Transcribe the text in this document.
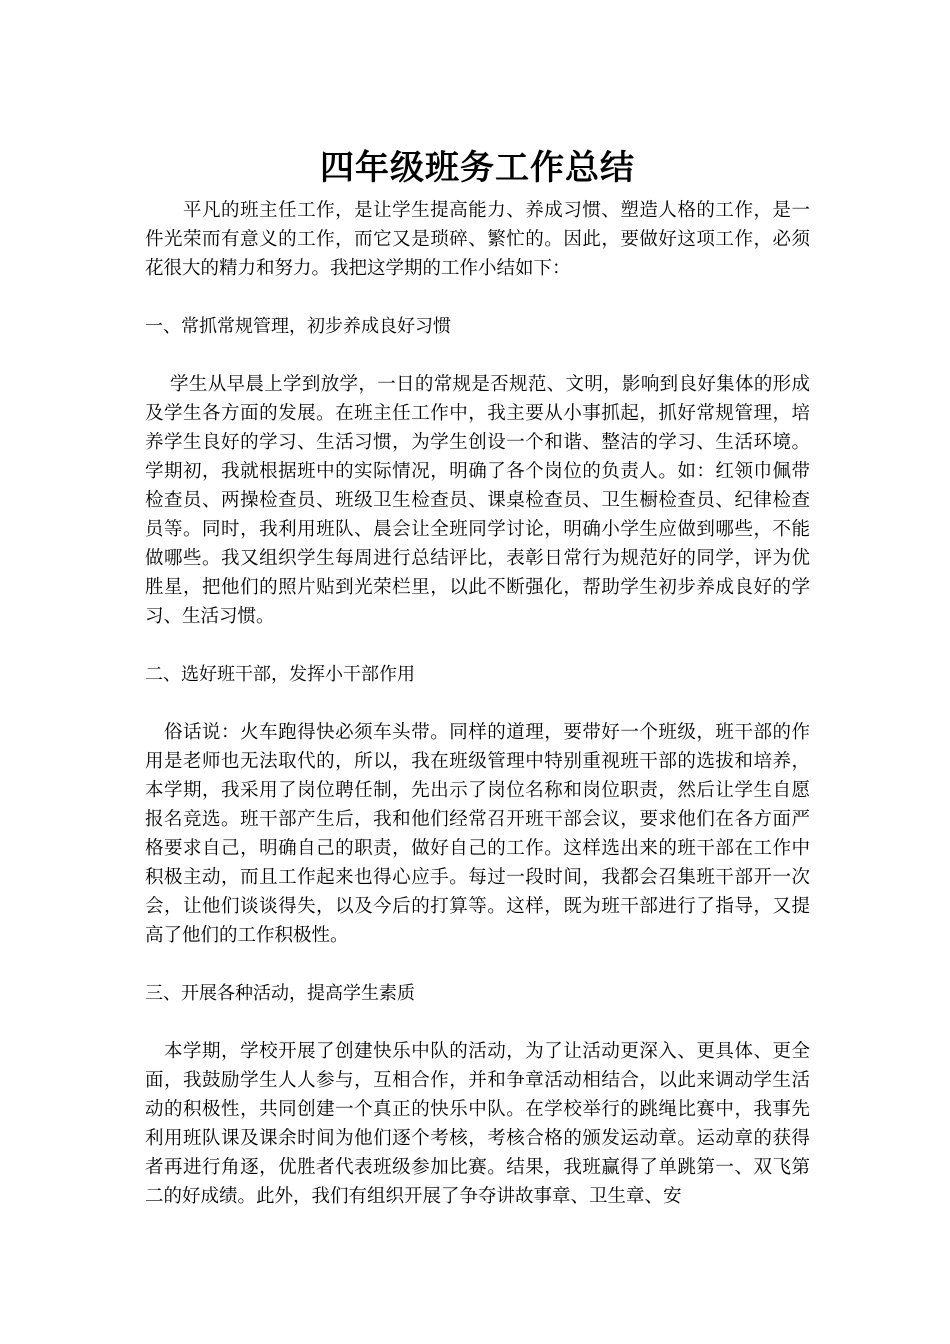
四年级班务工作总结

　　平凡的班主任工作，是让学生提高能力、养成习惯、塑造人格的工作，是一件光荣而有意义的工作，而它又是琐碎、繁忙的。因此，要做好这项工作，必须花很大的精力和努力。我把这学期的工作小结如下：

一、常抓常规管理，初步养成良好习惯

　 学生从早晨上学到放学，一日的常规是否规范、文明，影响到良好集体的形成及学生各方面的发展。在班主任工作中，我主要从小事抓起，抓好常规管理，培养学生良好的学习、生活习惯，为学生创设一个和谐、整洁的学习、生活环境。学期初，我就根据班中的实际情况，明确了各个岗位的负责人。如：红领巾佩带检查员、两操检查员、班级卫生检查员、课桌检查员、卫生橱检查员、纪律检查员等。同时，我利用班队、晨会让全班同学讨论，明确小学生应做到哪些，不能做哪些。我又组织学生每周进行总结评比，表彰日常行为规范好的同学，评为优胜星，把他们的照片贴到光荣栏里，以此不断强化，帮助学生初步养成良好的学习、生活习惯。

二、选好班干部，发挥小干部作用

　俗话说：火车跑得快必须车头带。同样的道理，要带好一个班级，班干部的作用是老师也无法取代的，所以，我在班级管理中特别重视班干部的选拔和培养，本学期，我采用了岗位聘任制，先出示了岗位名称和岗位职责，然后让学生自愿报名竞选。班干部产生后，我和他们经常召开班干部会议，要求他们在各方面严格要求自己，明确自己的职责，做好自己的工作。这样选出来的班干部在工作中积极主动，而且工作起来也得心应手。每过一段时间，我都会召集班干部开一次会，让他们谈谈得失，以及今后的打算等。这样，既为班干部进行了指导，又提高了他们的工作积极性。

三、开展各种活动，提高学生素质

　本学期，学校开展了创建快乐中队的活动，为了让活动更深入、更具体、更全面，我鼓励学生人人参与，互相合作，并和争章活动相结合，以此来调动学生活动的积极性，共同创建一个真正的快乐中队。在学校举行的跳绳比赛中，我事先利用班队课及课余时间为他们逐个考核，考核合格的颁发运动章。运动章的获得者再进行角逐，优胜者代表班级参加比赛。结果，我班赢得了单跳第一、双飞第二的好成绩。此外，我们有组织开展了争夺讲故事章、卫生章、安
